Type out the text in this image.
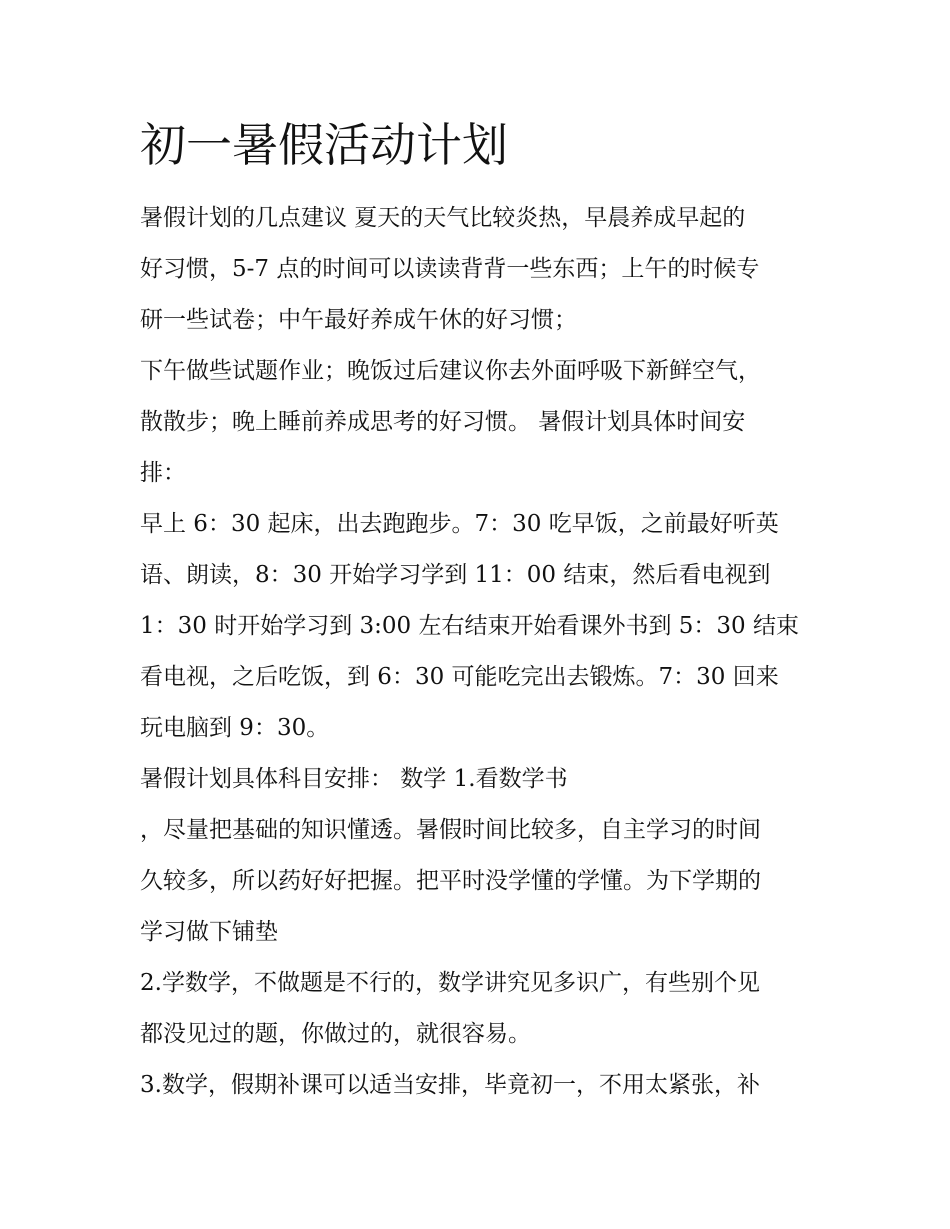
初一暑假活动计划

暑假计划的几点建议 夏天的天气比较炎热，早晨养成早起的

好习惯，5-7 点的时间可以读读背背一些东西；上午的时候专

研一些试卷；中午最好养成午休的好习惯；

下午做些试题作业；晚饭过后建议你去外面呼吸下新鲜空气，

散散步；晚上睡前养成思考的好习惯。 暑假计划具体时间安

排：

早上 6：30 起床，出去跑跑步。7：30 吃早饭，之前最好听英

语、朗读，8：30 开始学习学到 11：00 结束，然后看电视到

1：30 时开始学习到 3:00 左右结束开始看课外书到 5：30 结束

看电视，之后吃饭，到 6：30 可能吃完出去锻炼。7：30 回来

玩电脑到 9：30。

暑假计划具体科目安排： 数学 1.看数学书

，尽量把基础的知识懂透。暑假时间比较多，自主学习的时间

久较多，所以药好好把握。把平时没学懂的学懂。为下学期的

学习做下铺垫

2.学数学，不做题是不行的，数学讲究见多识广，有些别个见

都没见过的题，你做过的，就很容易。

3.数学，假期补课可以适当安排，毕竟初一，不用太紧张，补
